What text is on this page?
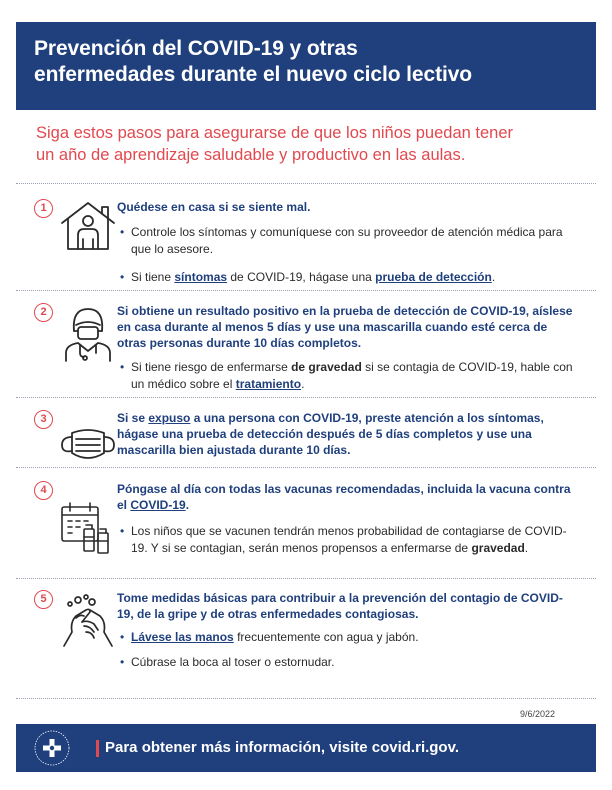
Prevención del COVID-19 y otras
enfermedades durante el nuevo ciclo lectivo
Siga estos pasos para asegurarse de que los niños puedan tener
un año de aprendizaje saludable y productivo en las aulas.
1	Quédese en casa si se siente mal.
• Controle los síntomas y comuníquese con su proveedor de atención médica para que lo asesore.
• Si tiene síntomas de COVID-19, hágase una prueba de detección.
2	Si obtiene un resultado positivo en la prueba de detección de COVID-19, aíslese en casa durante al menos 5 días y use una mascarilla cuando esté cerca de otras personas durante 10 días completos.
• Si tiene riesgo de enfermarse de gravedad si se contagia de COVID-19, hable con un médico sobre el tratamiento.
3	Si se expuso a una persona con COVID-19, preste atención a los síntomas, hágase una prueba de detección después de 5 días completos y use una mascarilla bien ajustada durante 10 días.
4	Póngase al día con todas las vacunas recomendadas, incluida la vacuna contra el COVID-19.
• Los niños que se vacunen tendrán menos probabilidad de contagiarse de COVID-19. Y si se contagian, serán menos propensos a enfermarse de gravedad.
5	Tome medidas básicas para contribuir a la prevención del contagio de COVID-19, de la gripe y de otras enfermedades contagiosas.
• Lávese las manos frecuentemente con agua y jabón.
• Cúbrase la boca al toser o estornudar.
9/6/2022
Para obtener más información, visite covid.ri.gov.
